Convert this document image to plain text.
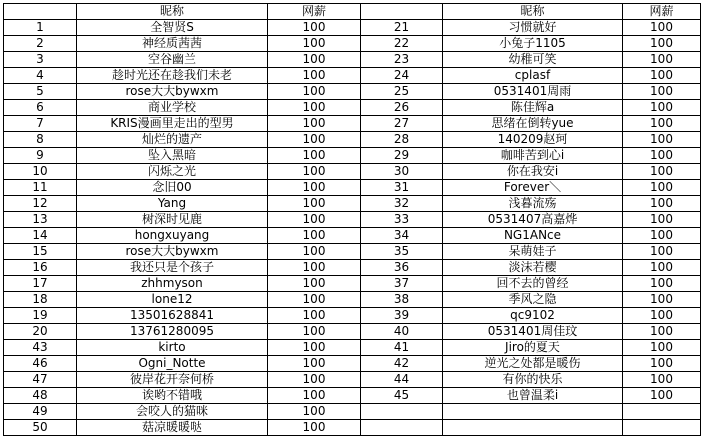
	昵称	网薪		昵称	网薪
1	全智贤S	100	21	习惯就好	100
2	神经质茜茜	100	22	小兔子1105	100
3	空谷幽兰	100	23	幼稚可笑	100
4	趁时光还在趁我们未老	100	24	cplasf	100
5	rose大大bywxm	100	25	0531401周雨	100
6	商业学校	100	26	陈佳辉a	100
7	KRIS漫画里走出的型男	100	27	思绪在倒转yue	100
8	灿烂的遗产	100	28	140209赵珂	100
9	坠入黑暗	100	29	咖啡苦到心i	100
10	闪烁之光	100	30	你在我安i	100
11	念旧00	100	31	Forever＼	100
12	Yang	100	32	浅暮流殇	100
13	树深时见鹿	100	33	0531407高嘉烨	100
14	hongxuyang	100	34	NG1ANce	100
15	rose大大bywxm	100	35	呆萌娃子	100
16	我还只是个孩子	100	36	淡沫若樱	100
17	zhhmyson	100	37	回不去的曾经	100
18	lone12	100	38	季风之隐	100
19	13501628841	100	39	qc9102	100
20	13761280095	100	40	0531401周佳玟	100
43	kirto	100	41	Jiro的夏天	100
46	Ogni_Notte	100	42	逆光之处都是暖伤	100
47	彼岸花开奈何桥	100	44	有你的快乐	100
48	诶哟不错哦	100	45	也曾温柔i	100
49	会咬人的猫咪	100			
50	菇凉暖暖哒	100			
